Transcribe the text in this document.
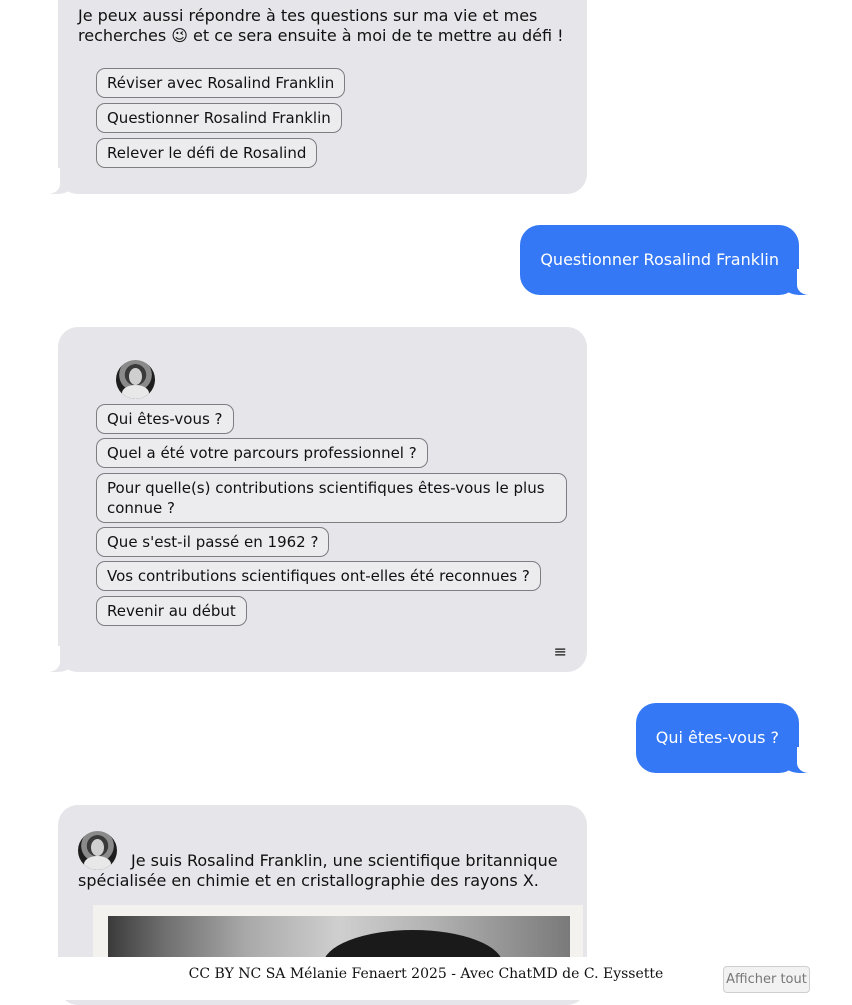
Je peux aussi répondre à tes questions sur ma vie et mes
recherches 😉 et ce sera ensuite à moi de te mettre au défi !
Réviser avec Rosalind Franklin
Questionner Rosalind Franklin
Relever le défi de Rosalind
Questionner Rosalind Franklin
Qui êtes-vous ?
Quel a été votre parcours professionnel ?
Pour quelle(s) contributions scientifiques êtes-vous le plus connue ?
Que s'est-il passé en 1962 ?
Vos contributions scientifiques ont-elles été reconnues ?
Revenir au début
≡
Qui êtes-vous ?
Je suis Rosalind Franklin, une scientifique britannique spécialisée en chimie et en cristallographie des rayons X.
CC BY NC SA Mélanie Fenaert 2025 - Avec ChatMD de C. Eyssette	Afficher tout
